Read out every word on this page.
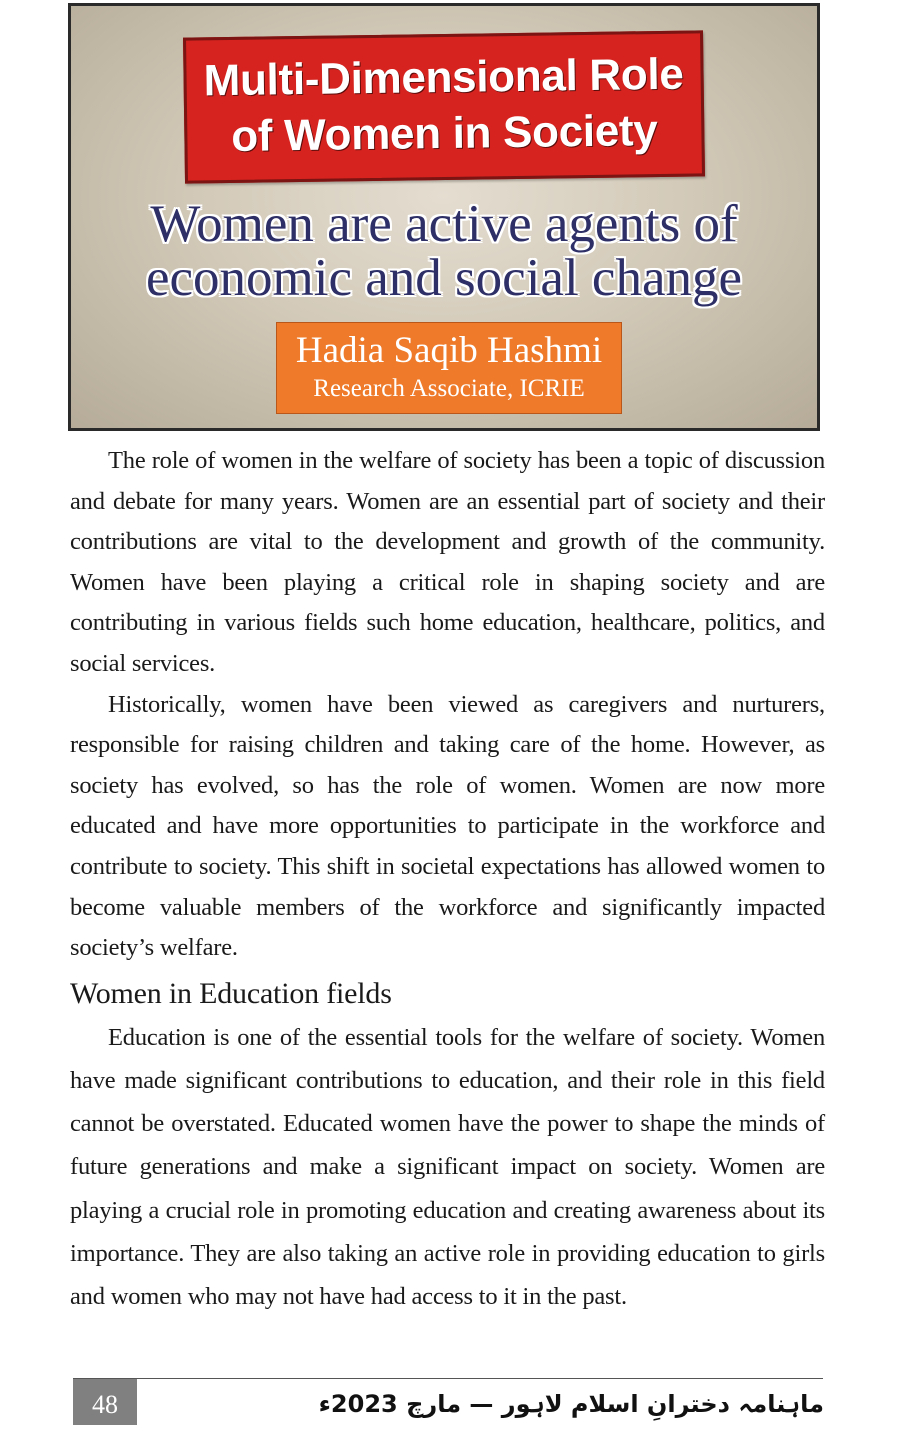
Multi-Dimensional Role
of Women in Society
Women are active agents of
economic and social change
Hadia Saqib Hashmi
Research Associate, ICRIE

The role of women in the welfare of society has been a topic of discussion and debate for many years. Women are an essential part of society and their contributions are vital to the development and growth of the community. Women have been playing a critical role in shaping society and are contributing in various fields such home education, healthcare, politics, and social services.

Historically, women have been viewed as caregivers and nurturers, responsible for raising children and taking care of the home. However, as society has evolved, so has the role of women. Women are now more educated and have more opportunities to participate in the workforce and contribute to society. This shift in societal expectations has allowed women to become valuable members of the workforce and significantly impacted society’s welfare.

Women in Education fields

Education is one of the essential tools for the welfare of society. Women have made significant contributions to education, and their role in this field cannot be overstated. Educated women have the power to shape the minds of future generations and make a significant impact on society. Women are playing a crucial role in promoting education and creating awareness about its importance. They are also taking an active role in providing education to girls and women who may not have had access to it in the past.

48	ماہنامہ دخترانِ اسلام لاہور — مارچ 2023ء
